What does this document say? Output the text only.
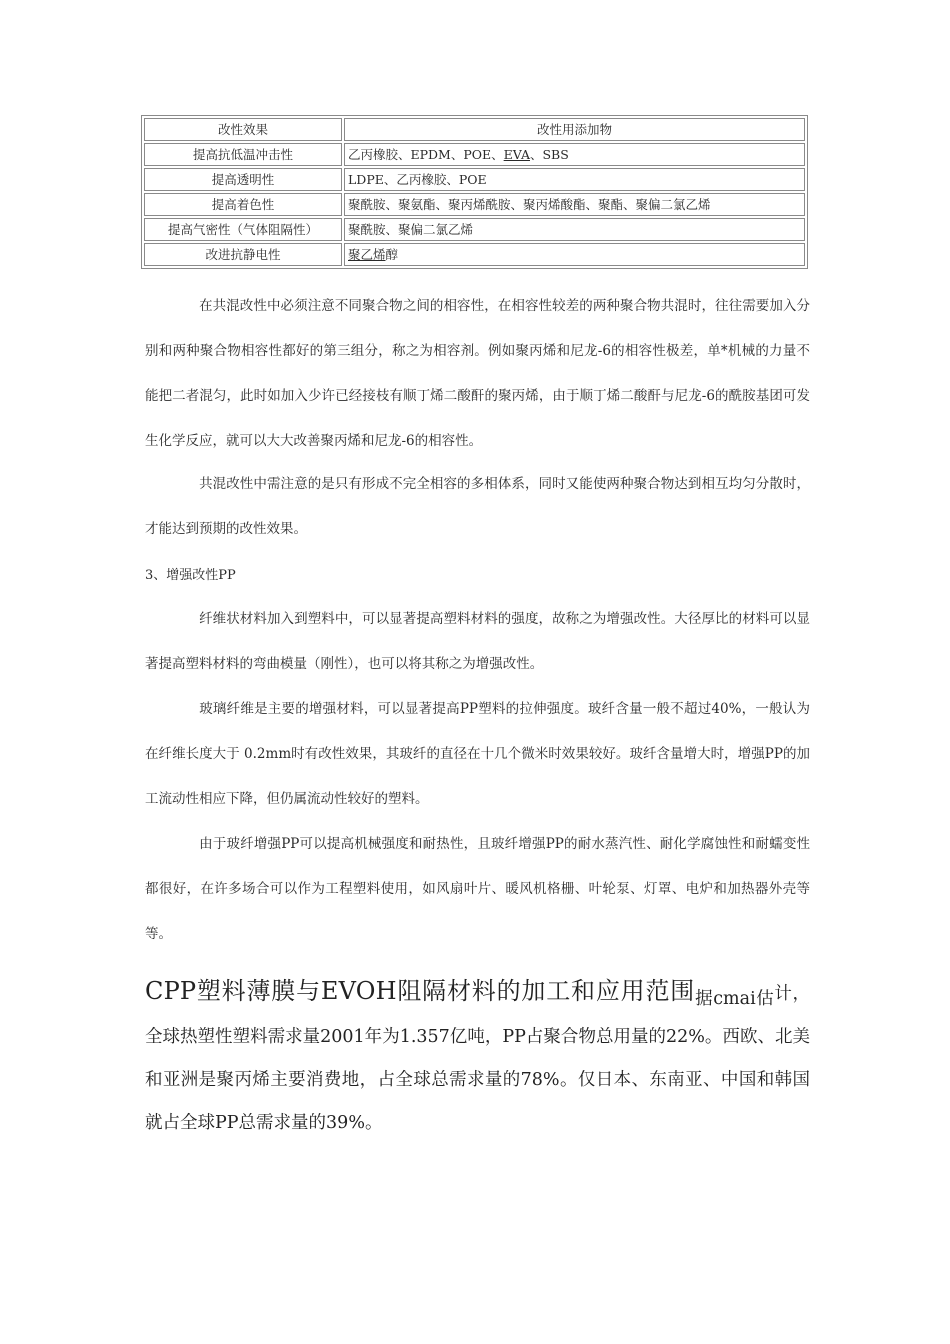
改性效果	改性用添加物
提高抗低温冲击性	乙丙橡胶、EPDM、POE、EVA、SBS
提高透明性	LDPE、乙丙橡胶、POE
提高着色性	聚酰胺、聚氨酯、聚丙烯酰胺、聚丙烯酸酯、聚酯、聚偏二氯乙烯
提高气密性（气体阻隔性）	聚酰胺、聚偏二氯乙烯
改进抗静电性	聚乙烯醇

在共混改性中必须注意不同聚合物之间的相容性，在相容性较差的两种聚合物共混时，往往需要加入分别和两种聚合物相容性都好的第三组分，称之为相容剂。例如聚丙烯和尼龙-6的相容性极差，单*机械的力量不能把二者混匀，此时如加入少许已经接枝有顺丁烯二酸酐的聚丙烯，由于顺丁烯二酸酐与尼龙-6的酰胺基团可发生化学反应，就可以大大改善聚丙烯和尼龙-6的相容性。

共混改性中需注意的是只有形成不完全相容的多相体系，同时又能使两种聚合物达到相互均匀分散时，才能达到预期的改性效果。

3、增强改性PP

纤维状材料加入到塑料中，可以显著提高塑料材料的强度，故称之为增强改性。大径厚比的材料可以显著提高塑料材料的弯曲模量（刚性），也可以将其称之为增强改性。

玻璃纤维是主要的增强材料，可以显著提高PP塑料的拉伸强度。玻纤含量一般不超过40%，一般认为在纤维长度大于 0.2mm时有改性效果，其玻纤的直径在十几个微米时效果较好。玻纤含量增大时，增强PP的加工流动性相应下降，但仍属流动性较好的塑料。

由于玻纤增强PP可以提高机械强度和耐热性，且玻纤增强PP的耐水蒸汽性、耐化学腐蚀性和耐蠕变性都很好，在许多场合可以作为工程塑料使用，如风扇叶片、暖风机格栅、叶轮泵、灯罩、电炉和加热器外壳等等。

CPP塑料薄膜与EVOH阻隔材料的加工和应用范围据cmai估计，全球热塑性塑料需求量2001年为1.357亿吨，PP占聚合物总用量的22%。西欧、北美和亚洲是聚丙烯主要消费地，占全球总需求量的78%。仅日本、东南亚、中国和韩国就占全球PP总需求量的39%。
